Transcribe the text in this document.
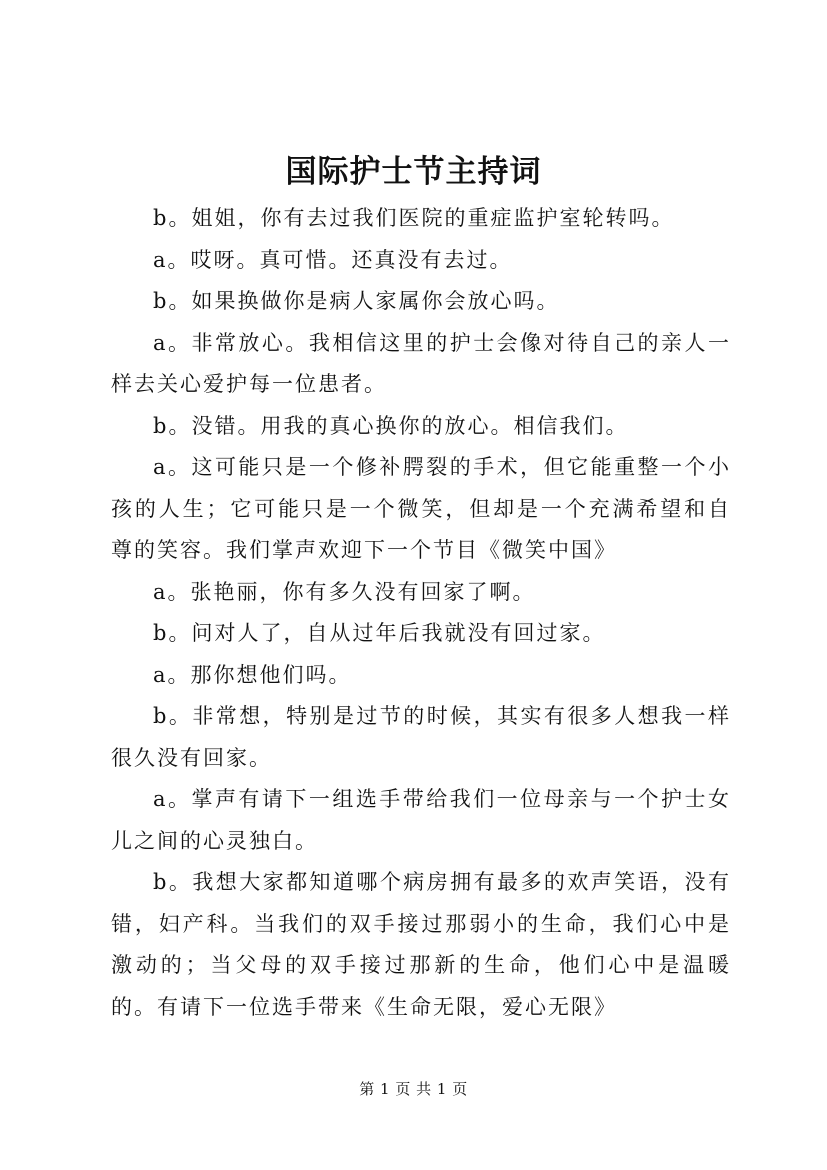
国际护士节主持词

b。姐姐，你有去过我们医院的重症监护室轮转吗。

a。哎呀。真可惜。还真没有去过。

b。如果换做你是病人家属你会放心吗。

a。非常放心。我相信这里的护士会像对待自己的亲人一样去关心爱护每一位患者。

b。没错。用我的真心换你的放心。相信我们。

a。这可能只是一个修补腭裂的手术，但它能重整一个小孩的人生；它可能只是一个微笑，但却是一个充满希望和自尊的笑容。我们掌声欢迎下一个节目《微笑中国》

a。张艳丽，你有多久没有回家了啊。

b。问对人了，自从过年后我就没有回过家。

a。那你想他们吗。

b。非常想，特别是过节的时候，其实有很多人想我一样很久没有回家。

a。掌声有请下一组选手带给我们一位母亲与一个护士女儿之间的心灵独白。

b。我想大家都知道哪个病房拥有最多的欢声笑语，没有错，妇产科。当我们的双手接过那弱小的生命，我们心中是激动的；当父母的双手接过那新的生命，他们心中是温暖的。有请下一位选手带来《生命无限，爱心无限》

第 1 页 共 1 页
